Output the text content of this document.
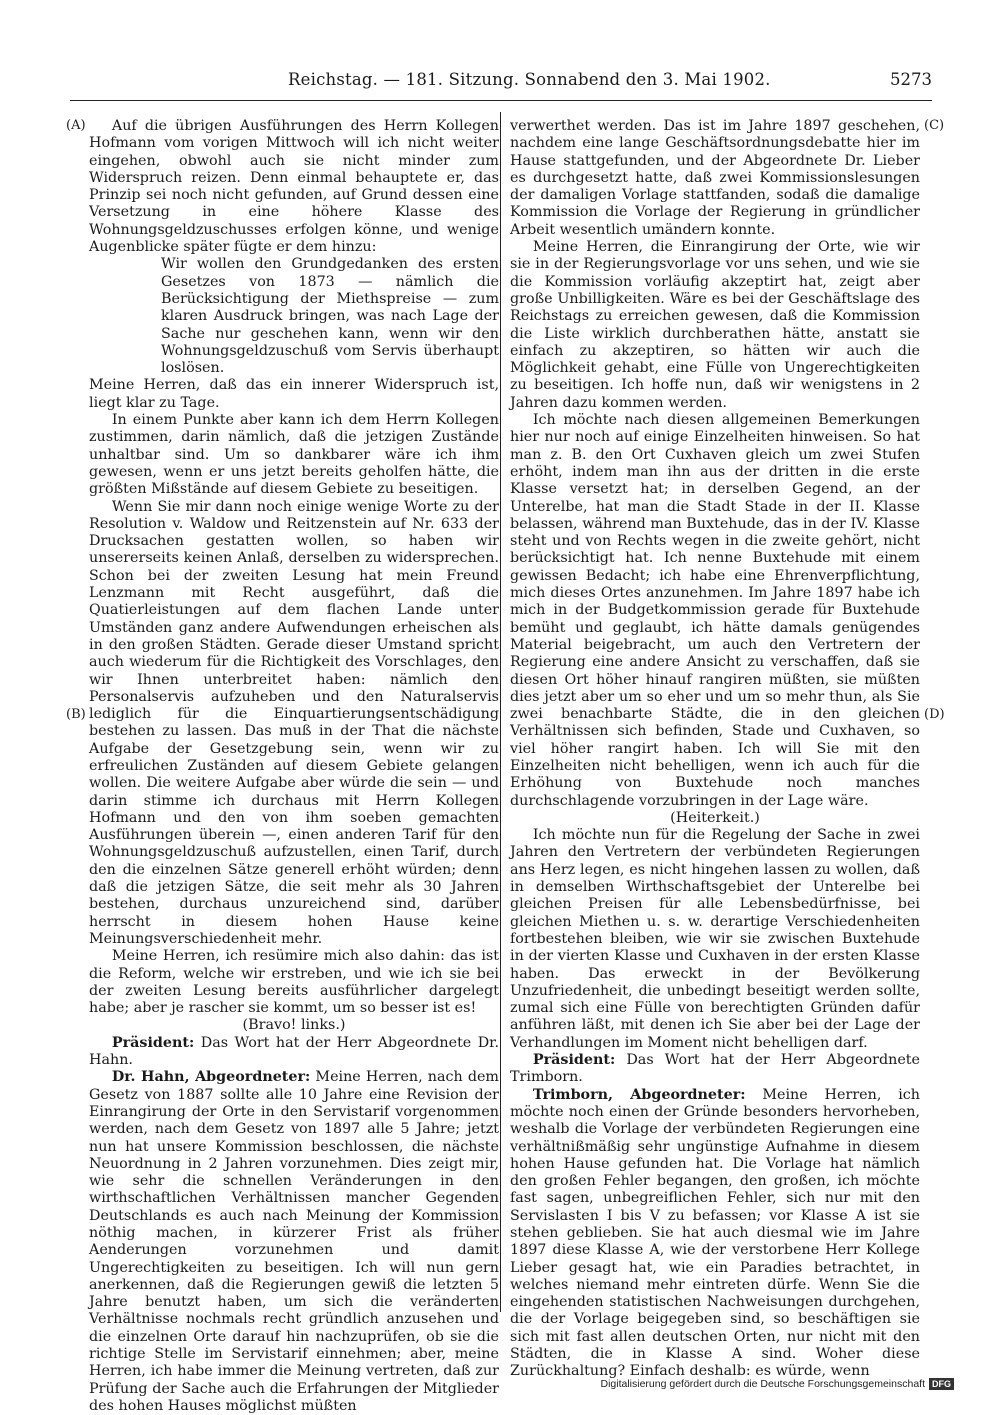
Reichstag. — 181. Sitzung. Sonnabend den 3. Mai 1902.	5273
(A)
(B)
(C)
(D)

Auf die übrigen Ausführungen des Herrn Kollegen Hofmann vom vorigen Mittwoch will ich nicht weiter eingehen, obwohl auch sie nicht minder zum Widerspruch reizen. Denn einmal behauptete er, das Prinzip sei noch nicht gefunden, auf Grund dessen eine Versetzung in eine höhere Klasse des Wohnungsgeldzuschusses erfolgen könne, und wenige Augenblicke später fügte er dem hinzu:

Wir wollen den Grundgedanken des ersten Gesetzes von 1873 — nämlich die Berücksichtigung der Miethspreise — zum klaren Ausdruck bringen, was nach Lage der Sache nur geschehen kann, wenn wir den Wohnungsgeldzuschuß vom Servis überhaupt loslösen.

Meine Herren, daß das ein innerer Widerspruch ist, liegt klar zu Tage.

In einem Punkte aber kann ich dem Herrn Kollegen zustimmen, darin nämlich, daß die jetzigen Zustände unhaltbar sind. Um so dankbarer wäre ich ihm gewesen, wenn er uns jetzt bereits geholfen hätte, die größten Mißstände auf diesem Gebiete zu beseitigen.

Wenn Sie mir dann noch einige wenige Worte zu der Resolution v. Waldow und Reitzenstein auf Nr. 633 der Drucksachen gestatten wollen, so haben wir unsererseits keinen Anlaß, derselben zu widersprechen. Schon bei der zweiten Lesung hat mein Freund Lenzmann mit Recht ausgeführt, daß die Quatierleistungen auf dem flachen Lande unter Umständen ganz andere Aufwendungen erheischen als in den großen Städten. Gerade dieser Umstand spricht auch wiederum für die Richtigkeit des Vorschlages, den wir Ihnen unterbreitet haben: nämlich den Personalservis aufzuheben und den Naturalservis lediglich für die Einquartierungsentschädigung bestehen zu lassen. Das muß in der That die nächste Aufgabe der Gesetzgebung sein, wenn wir zu erfreulichen Zuständen auf diesem Gebiete gelangen wollen. Die weitere Aufgabe aber würde die sein — und darin stimme ich durchaus mit Herrn Kollegen Hofmann und den von ihm soeben gemachten Ausführungen überein —, einen anderen Tarif für den Wohnungsgeldzuschuß aufzustellen, einen Tarif, durch den die einzelnen Sätze generell erhöht würden; denn daß die jetzigen Sätze, die seit mehr als 30 Jahren bestehen, durchaus unzureichend sind, darüber herrscht in diesem hohen Hause keine Meinungsverschiedenheit mehr.

Meine Herren, ich resümire mich also dahin: das ist die Reform, welche wir erstreben, und wie ich sie bei der zweiten Lesung bereits ausführlicher dargelegt habe; aber je rascher sie kommt, um so besser ist es!

(Bravo! links.)

Präsident: Das Wort hat der Herr Abgeordnete Dr. Hahn.

Dr. Hahn, Abgeordneter: Meine Herren, nach dem Gesetz von 1887 sollte alle 10 Jahre eine Revision der Einrangirung der Orte in den Servistarif vorgenommen werden, nach dem Gesetz von 1897 alle 5 Jahre; jetzt nun hat unsere Kommission beschlossen, die nächste Neuordnung in 2 Jahren vorzunehmen. Dies zeigt mir, wie sehr die schnellen Veränderungen in den wirthschaftlichen Verhältnissen mancher Gegenden Deutschlands es auch nach Meinung der Kommission nöthig machen, in kürzerer Frist als früher Aenderungen vorzunehmen und damit Ungerechtigkeiten zu beseitigen. Ich will nun gern anerkennen, daß die Regierungen gewiß die letzten 5 Jahre benutzt haben, um sich die veränderten Verhältnisse nochmals recht gründlich anzusehen und die einzelnen Orte darauf hin nachzuprüfen, ob sie die richtige Stelle im Servistarif einnehmen; aber, meine Herren, ich habe immer die Meinung vertreten, daß zur Prüfung der Sache auch die Erfahrungen der Mitglieder des hohen Hauses möglichst müßten

verwerthet werden. Das ist im Jahre 1897 geschehen, nachdem eine lange Geschäftsordnungsdebatte hier im Hause stattgefunden, und der Abgeordnete Dr. Lieber es durchgesetzt hatte, daß zwei Kommissionslesungen der damaligen Vorlage stattfanden, sodaß die damalige Kommission die Vorlage der Regierung in gründlicher Arbeit wesentlich umändern konnte.

Meine Herren, die Einrangirung der Orte, wie wir sie in der Regierungsvorlage vor uns sehen, und wie sie die Kommission vorläufig akzeptirt hat, zeigt aber große Unbilligkeiten. Wäre es bei der Geschäftslage des Reichstags zu erreichen gewesen, daß die Kommission die Liste wirklich durchberathen hätte, anstatt sie einfach zu akzeptiren, so hätten wir auch die Möglichkeit gehabt, eine Fülle von Ungerechtigkeiten zu beseitigen. Ich hoffe nun, daß wir wenigstens in 2 Jahren dazu kommen werden.

Ich möchte nach diesen allgemeinen Bemerkungen hier nur noch auf einige Einzelheiten hinweisen. So hat man z. B. den Ort Cuxhaven gleich um zwei Stufen erhöht, indem man ihn aus der dritten in die erste Klasse versetzt hat; in derselben Gegend, an der Unterelbe, hat man die Stadt Stade in der II. Klasse belassen, während man Buxtehude, das in der IV. Klasse steht und von Rechts wegen in die zweite gehört, nicht berücksichtigt hat. Ich nenne Buxtehude mit einem gewissen Bedacht; ich habe eine Ehrenverpflichtung, mich dieses Ortes anzunehmen. Im Jahre 1897 habe ich mich in der Budgetkommission gerade für Buxtehude bemüht und geglaubt, ich hätte damals genügendes Material beigebracht, um auch den Vertretern der Regierung eine andere Ansicht zu verschaffen, daß sie diesen Ort höher hinauf rangiren müßten, sie müßten dies jetzt aber um so eher und um so mehr thun, als Sie zwei benachbarte Städte, die in den gleichen Verhältnissen sich befinden, Stade und Cuxhaven, so viel höher rangirt haben. Ich will Sie mit den Einzelheiten nicht behelligen, wenn ich auch für die Erhöhung von Buxtehude noch manches durchschlagende vorzubringen in der Lage wäre.

(Heiterkeit.)

Ich möchte nun für die Regelung der Sache in zwei Jahren den Vertretern der verbündeten Regierungen ans Herz legen, es nicht hingehen lassen zu wollen, daß in demselben Wirthschaftsgebiet der Unterelbe bei gleichen Preisen für alle Lebensbedürfnisse, bei gleichen Miethen u. s. w. derartige Verschiedenheiten fortbestehen bleiben, wie wir sie zwischen Buxtehude in der vierten Klasse und Cuxhaven in der ersten Klasse haben. Das erweckt in der Bevölkerung Unzufriedenheit, die unbedingt beseitigt werden sollte, zumal sich eine Fülle von berechtigten Gründen dafür anführen läßt, mit denen ich Sie aber bei der Lage der Verhandlungen im Moment nicht behelligen darf.

Präsident: Das Wort hat der Herr Abgeordnete Trimborn.

Trimborn, Abgeordneter: Meine Herren, ich möchte noch einen der Gründe besonders hervorheben, weshalb die Vorlage der verbündeten Regierungen eine verhältnißmäßig sehr ungünstige Aufnahme in diesem hohen Hause gefunden hat. Die Vorlage hat nämlich den großen Fehler begangen, den großen, ich möchte fast sagen, unbegreiflichen Fehler, sich nur mit den Servislasten I bis V zu befassen; vor Klasse A ist sie stehen geblieben. Sie hat auch diesmal wie im Jahre 1897 diese Klasse A, wie der verstorbene Herr Kollege Lieber gesagt hat, wie ein Paradies betrachtet, in welches niemand mehr eintreten dürfe. Wenn Sie die eingehenden statistischen Nachweisungen durchgehen, die der Vorlage beigegeben sind, so beschäftigen sie sich mit fast allen deutschen Orten, nur nicht mit den Städten, die in Klasse A sind. Woher diese Zurückhaltung? Einfach deshalb: es würde, wenn

Digitalisierung gefördert durch die Deutsche Forschungsgemeinschaft DFG
